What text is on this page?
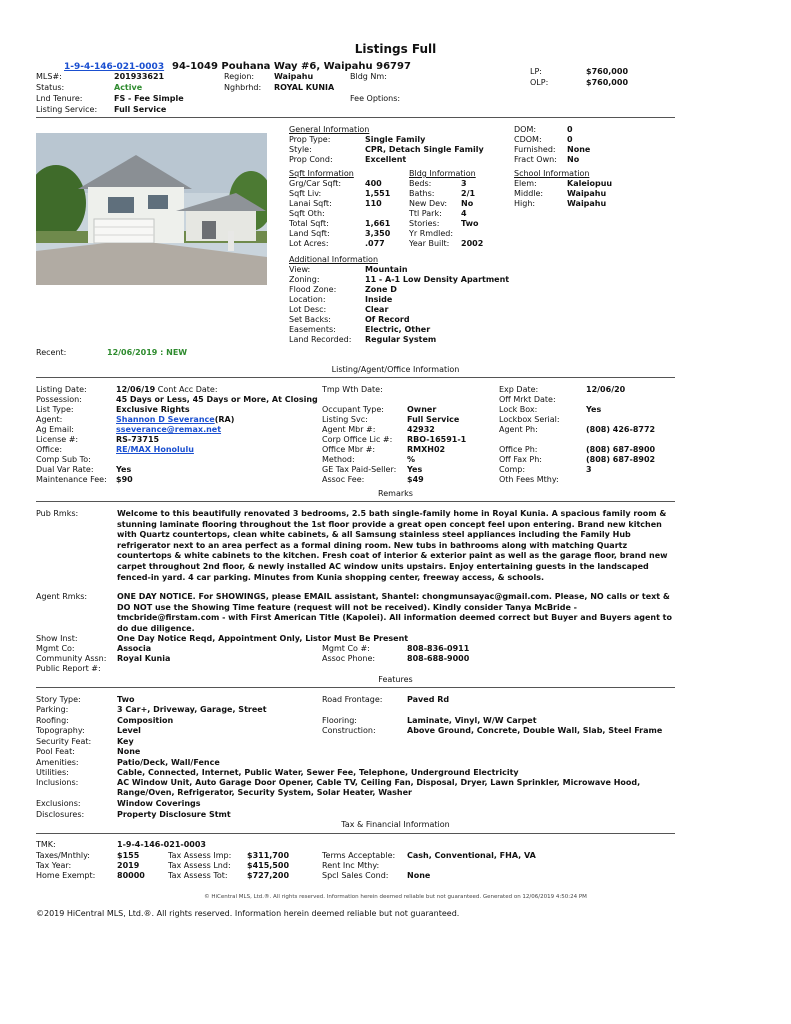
Listings Full
1-9-4-146-021-0003 94-1049 Pouhana Way #6, Waipahu 96797
MLS#:	201933621
Status:	Active
Lnd Tenure:	FS - Fee Simple
Listing Service: Full Service
Region: Waipahu
Nghbrhd: ROYAL KUNIA
Bldg Nm:
Fee Options:
LP:	$760,000
OLP:	$760,000
General Information
Prop Type:	Single Family
Style:	CPR, Detach Single Family
Prop Cond:	Excellent
DOM:	0
CDOM:	0
Furnished:	None
Fract Own:	No
Sqft Information
Grg/Car Sqft:	400
Sqft Liv:	1,551
Lanai Sqft:	110
Sqft Oth:
Total Sqft:	1,661
Land Sqft:	3,350
Lot Acres:	.077
Bldg Information
Beds:	3
Baths:	2/1
New Dev:	No
Ttl Park:	4
Stories:	Two
Yr Rmdled:
Year Built:	2002
School Information
Elem:	Kaleiopuu
Middle:	Waipahu
High:	Waipahu
Additional Information
View:	Mountain
Zoning:	11 - A-1 Low Density Apartment
Flood Zone:	Zone D
Location:	Inside
Lot Desc:	Clear
Set Backs:	Of Record
Easements:	Electric, Other
Land Recorded:	Regular System
Recent:	12/06/2019 : NEW
Listing/Agent/Office Information
Listing Date:	12/06/19 Cont Acc Date:
Possession:	45 Days or Less, 45 Days or More, At Closing
List Type:	Exclusive Rights
Agent:	Shannon D Severance(RA)
Ag Email:	sseverance@remax.net
License #:	RS-73715
Office:	RE/MAX Honolulu
Comp Sub To:
Dual Var Rate:	Yes
Maintenance Fee:	$90
Tmp Wth Date:
Occupant Type:	Owner
Listing Svc:	Full Service
Agent Mbr #:	42932
Corp Office Lic #:	RBO-16591-1
Office Mbr #:	RMXH02
Method:	%
GE Tax Paid-Seller:	Yes
Assoc Fee:	$49
Exp Date:	12/06/20
Off Mrkt Date:
Lock Box:	Yes
Lockbox Serial:
Agent Ph:	(808) 426-8772
Office Ph:	(808) 687-8900
Off Fax Ph:	(808) 687-8902
Comp:	3
Oth Fees Mthy:
Remarks
Pub Rmks:	Welcome to this beautifully renovated 3 bedrooms, 2.5 bath single-family home in Royal Kunia. A spacious family room & stunning laminate flooring throughout the 1st floor provide a great open concept feel upon entering. Brand new kitchen with Quartz countertops, clean white cabinets, & all Samsung stainless steel appliances including the Family Hub refrigerator next to an area perfect as a formal dining room. New tubs in bathrooms along with matching Quartz countertops & white cabinets to the kitchen. Fresh coat of interior & exterior paint as well as the garage floor, brand new carpet throughout 2nd floor, & newly installed AC window units upstairs. Enjoy entertaining guests in the landscaped fenced-in yard. 4 car parking. Minutes from Kunia shopping center, freeway access, & schools.
Agent Rmks:	ONE DAY NOTICE. For SHOWINGS, please EMAIL assistant, Shantel: chongmunsayac@gmail.com. Please, NO calls or text & DO NOT use the Showing Time feature (request will not be received). Kindly consider Tanya McBride - tmcbride@firstam.com - with First American Title (Kapolei). All information deemed correct but Buyer and Buyers agent to do due diligence.
Show Inst:	One Day Notice Reqd, Appointment Only, Listor Must Be Present
Mgmt Co:	Associa
Community Assn: Royal Kunia
Public Report #:
Mgmt Co #:	808-836-0911
Assoc Phone:	808-688-9000
Features
Story Type:	Two
Parking:	3 Car+, Driveway, Garage, Street
Roofing:	Composition
Topography:	Level
Security Feat:	Key
Pool Feat:	None
Amenities:	Patio/Deck, Wall/Fence
Utilities:	Cable, Connected, Internet, Public Water, Sewer Fee, Telephone, Underground Electricity
Inclusions:	AC Window Unit, Auto Garage Door Opener, Cable TV, Ceiling Fan, Disposal, Dryer, Lawn Sprinkler, Microwave Hood, Range/Oven, Refrigerator, Security System, Solar Heater, Washer
Exclusions:	Window Coverings
Disclosures:	Property Disclosure Stmt
Road Frontage:	Paved Rd
Flooring:	Laminate, Vinyl, W/W Carpet
Construction:	Above Ground, Concrete, Double Wall, Slab, Steel Frame
Tax & Financial Information
TMK:	1-9-4-146-021-0003
Taxes/Mnthly:	$155
Tax Year:	2019
Home Exempt:	80000
Tax Assess Imp: $311,700
Tax Assess Lnd: $415,500
Tax Assess Tot: $727,200
Terms Acceptable: Cash, Conventional, FHA, VA
Rent Inc Mthy:
Spcl Sales Cond: None
© HiCentral MLS, Ltd.®. All rights reserved. Information herein deemed reliable but not guaranteed. Generated on 12/06/2019 4:50:24 PM
©2019 HiCentral MLS, Ltd.®. All rights reserved. Information herein deemed reliable but not guaranteed.
